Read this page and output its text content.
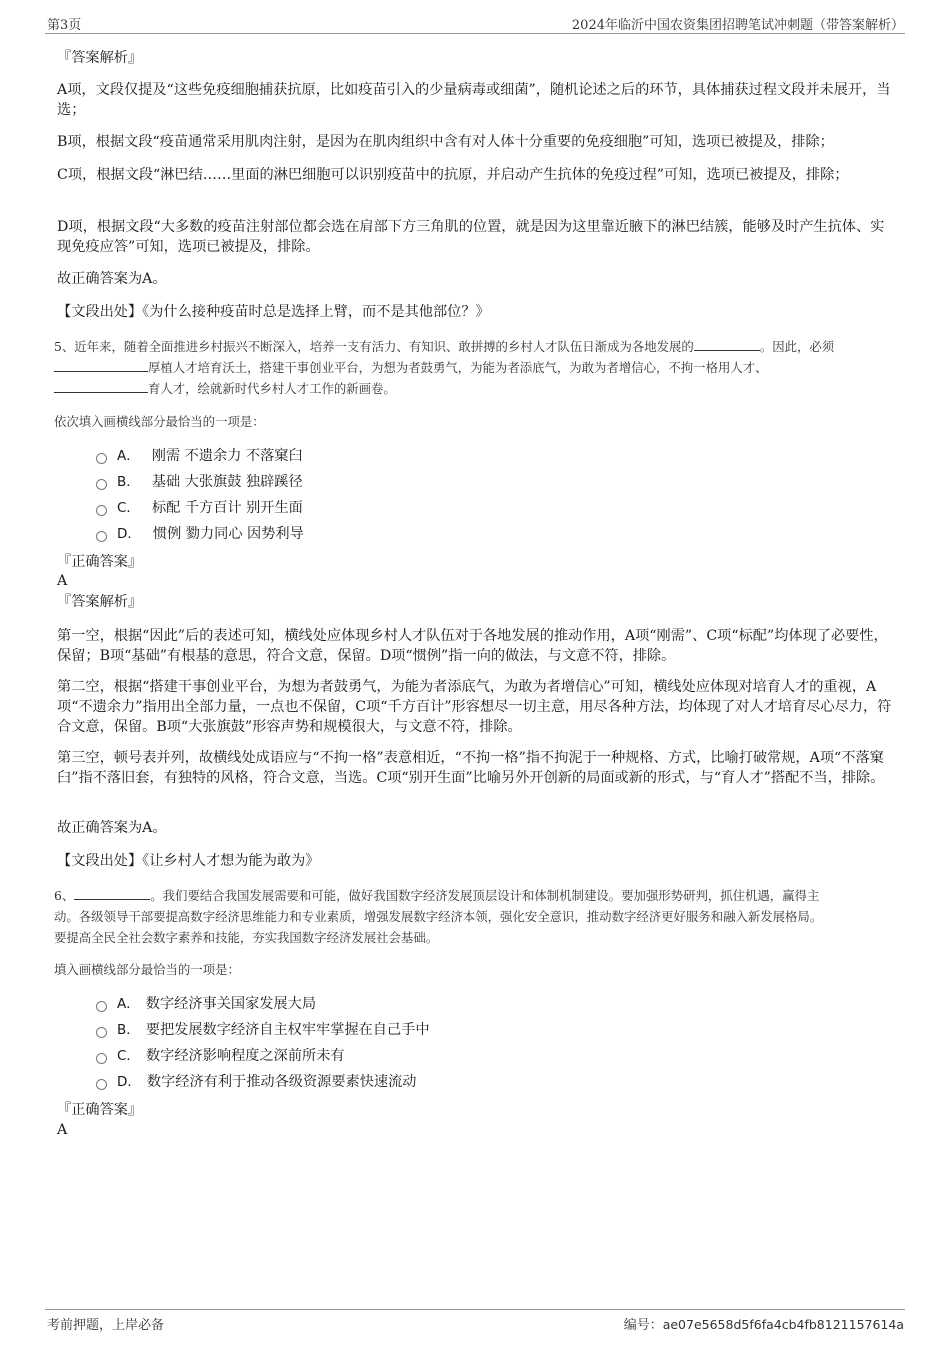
第3页	2024年临沂中国农资集团招聘笔试冲刺题（带答案解析）
『答案解析』
A项，文段仅提及“这些免疫细胞捕获抗原，比如疫苗引入的少量病毒或细菌”，随机论述之后的环节，具体捕获过程文段并未展开，当选；
B项，根据文段“疫苗通常采用肌肉注射，是因为在肌肉组织中含有对人体十分重要的免疫细胞”可知，选项已被提及，排除；
C项，根据文段“淋巴结……里面的淋巴细胞可以识别疫苗中的抗原，并启动产生抗体的免疫过程”可知，选项已被提及，排除；
D项，根据文段“大多数的疫苗注射部位都会选在肩部下方三角肌的位置，就是因为这里靠近腋下的淋巴结簇，能够及时产生抗体、实现免疫应答”可知，选项已被提及，排除。
故正确答案为A。
【文段出处】《为什么接种疫苗时总是选择上臂，而不是其他部位？》
5、近年来，随着全面推进乡村振兴不断深入，培养一支有活力、有知识、敢拼搏的乡村人才队伍日渐成为各地发展的	。因此，必须
厚植人才培育沃土，搭建干事创业平台，为想为者鼓勇气，为能为者添底气，为敢为者增信心，不拘一格用人才、
育人才，绘就新时代乡村人才工作的新画卷。
依次填入画横线部分最恰当的一项是：
A． 刚需 不遗余力 不落窠臼
B． 基础 大张旗鼓 独辟蹊径
C． 标配 千方百计 别开生面
D． 惯例 勠力同心 因势利导
『正确答案』
A
『答案解析』
第一空，根据“因此”后的表述可知，横线处应体现乡村人才队伍对于各地发展的推动作用，A项“刚需”、C项“标配”均体现了必要性，保留；B项“基础”有根基的意思，符合文意，保留。D项“惯例”指一向的做法，与文意不符，排除。
第二空，根据“搭建干事创业平台，为想为者鼓勇气，为能为者添底气，为敢为者增信心”可知，横线处应体现对培育人才的重视，A项“不遗余力”指用出全部力量，一点也不保留，C项“千方百计”形容想尽一切主意，用尽各种方法，均体现了对人才培育尽心尽力，符合文意，保留。B项“大张旗鼓”形容声势和规模很大，与文意不符，排除。
第三空，顿号表并列，故横线处成语应与“不拘一格”表意相近，“不拘一格”指不拘泥于一种规格、方式，比喻打破常规，A项“不落窠臼”指不落旧套，有独特的风格，符合文意，当选。C项“别开生面”比喻另外开创新的局面或新的形式，与“育人才”搭配不当，排除。
故正确答案为A。
【文段出处】《让乡村人才想为能为敢为》
6、	。我们要结合我国发展需要和可能，做好我国数字经济发展顶层设计和体制机制建设。要加强形势研判，抓住机遇，赢得主
动。各级领导干部要提高数字经济思维能力和专业素质，增强发展数字经济本领，强化安全意识，推动数字经济更好服务和融入新发展格局。
要提高全民全社会数字素养和技能，夯实我国数字经济发展社会基础。
填入画横线部分最恰当的一项是：
A． 数字经济事关国家发展大局
B． 要把发展数字经济自主权牢牢掌握在自己手中
C． 数字经济影响程度之深前所未有
D． 数字经济有利于推动各级资源要素快速流动
『正确答案』
A
考前押题，上岸必备	编号：ae07e5658d5f6fa4cb4fb8121157614a
